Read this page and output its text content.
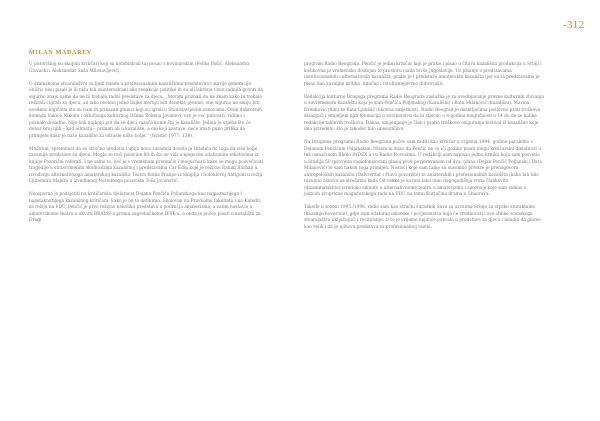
-312
MILAN MAĐAREV

U pozorišnoj su skupini kritičari koji su kombinirali taj posao s novinarskim (Feliks Pašić, Aleksandra Glovacki i Aleksandar Saša Milosavljević).

O dramskome stvaralaštvu za ljudi mlade u profesionalnim kazalištima predstavnici starije generacije obično nisu pisali je ili nisu bili zainteresirani ako redakcije politike ih su ali iskreno i bez zadnjih govori da sigurno znaju samo da ne bi trebalo raditi predstave za djecu. „Moram priznati da ne znam kako bi trebalo režirati i igrati za djecu, ali iako osobno jedne bajke moraju biti donekle pjesme, one sigurno ne smiju biti uvedeno logičnim što su nam ih prikazali glumci koji su igrali u Stanislavljevim osnovama. Osim dubrovnih komada Vukice Nikolin i odlučnoga kulturnog Džima Bokena Jovanovi, ove je već putovati, vidimo i poznalo dosadno. Nije bali najbolji put da se djeci razače kome šta je kazalište. Jedina je utjeha što će dobar broj njih – kad odrastu – primati ali u kazalište, a oni koji nastave, neće imati puno prilika da primijete kako je naše kazalište za odrasle ništo bolje.” (Hristić 1977: 138).

Međutim, spremnost da se stručno uređena i upija nova suradnja dovela je Hristića do toga da više bolje razumije predstave za djecu. Mogla se reći polovine 80-ih što se vidi u njegovim odabranim tekstovima iz knjige Pozorišni referati. I ne samo to, već je s vremenom promućio i mogućnosti kako se mogu posvećivati tragedije u strasvrmenim okolnostima kazališnoj i predstavama Car Edip koje je režirao Rahim Burhan u izvođenju alternativnoga amaterskog kazališta Teatra Roma Pralipe iz Skoplja i Sofoklovoj Antigoni u režiji Ljubomira Majere u izvedbenoj Narodnoga pozorišta Toša Jovanović.

Neosporno je podsjetiti na kritičarsku djelatnost Dejana Penčića Poljanskoga kao najpoznatijega i najistaknutijega kazališnog kritičara, kako je on to definirao. Školovan na Pravnome fakultetu i na Katedri za režiju na FDU, Penčić je prvo režirao nekoliko predstava u područja amaterizma, a zatim nastavio u amaterskome teatru u okviru BRAMS-a prema zagrebačkome IFSK-u, a onda je počeo pisati o kazalištu za Drugi

program Radio Beograda. Penčić je jedini kritičar koji je pratio i pisao u čitava kazališna produkcija u Srbiji i košikovna je vremensko dostojan to prostoru (sada bivše Jugoslavije. Uz pisanje o predstavama institucionalnih i alternativnih kazališta, pratio je i predstave amaterskih kazališta (jer su ta predstavama je pisao dan kazaljne kritika, lutačno i fotoframejevrno dubrovaši).

Redakcija kulturne Drugoga programa Radio Beograda zaslužna je za uvodnjavanje pravne kulturnih zbivanja u suvremenom kazalištu koja je sam Penčića Poljanskog (Kazališni) i Bata Milanović (kazališni), Marina Dzenkovic (film) te Bata Ljubišić (likovna umjetnost). Radio Beograd je desetljećima poslovno prati troškove, dizanjući i smijeljem njih fonmacija u novinarstvu da bi stjecao u 4-godina mogućnosti u 14 do de se kolike redakcije taklevih troškova. Danas, smijenjanje je član i pratio troškove osiguranja festival iš kazališne koje ima priređeni, što je također bilo unesumljivo.

Na Drugome programu Radio Beograda počeo sam raditi kao kritičar u vrijemu 1994. godine paralelno s Dejanom Penčićem Poljanskim. Nisam ni znao da Penčić ne će ići godine pisati mogu kritičarsku djelatnost u tek osmaćinom Radio INDEX-a i u Radio Novosima. U redakciji sam napisao jednu kritiku koju sam posvetio u Studiju 50 (provjera radiofonizovani glasoj prod povjeravanom od dva: (dana (Dejan Penčić Poljanski i Bata Milanović) te sam nakon toga primljen. Nosioci koje sam tamo su susomno prestre je prenagovora antropoloških kazališta (Dalvrentar i Plavo pozorište) te amaterskih i profesionalnih kazališta (kako bih bilo razumio osnovu za strečama kada Od vekke je koruni lako unio dugogodišnje vrsta člankovitu (dizammatskitio) izrudoko sikuuto u alternativnome teatru u amaterizmu i spoznaje koje sam stekao u jednom propreme magisterskoga rada na FDU na temu Kurjačina drama u Shaorova.

Takođe u sezoni 1995./1996. radio sam kao stručni suradnik Save za azvaima Srbije za srpsko sturaktalno (kazanije hoverone), gdje sam odabirao iskorske i povjerenstva koja će vrednovati i sve oblike scenskoga stvaralaštva uključujući i recitiranje. U to je vrijeme najdoće pobrala u predstave za djecu i mladih da glume kao velik i da je njihova predstava za profesionalnoj razini.
